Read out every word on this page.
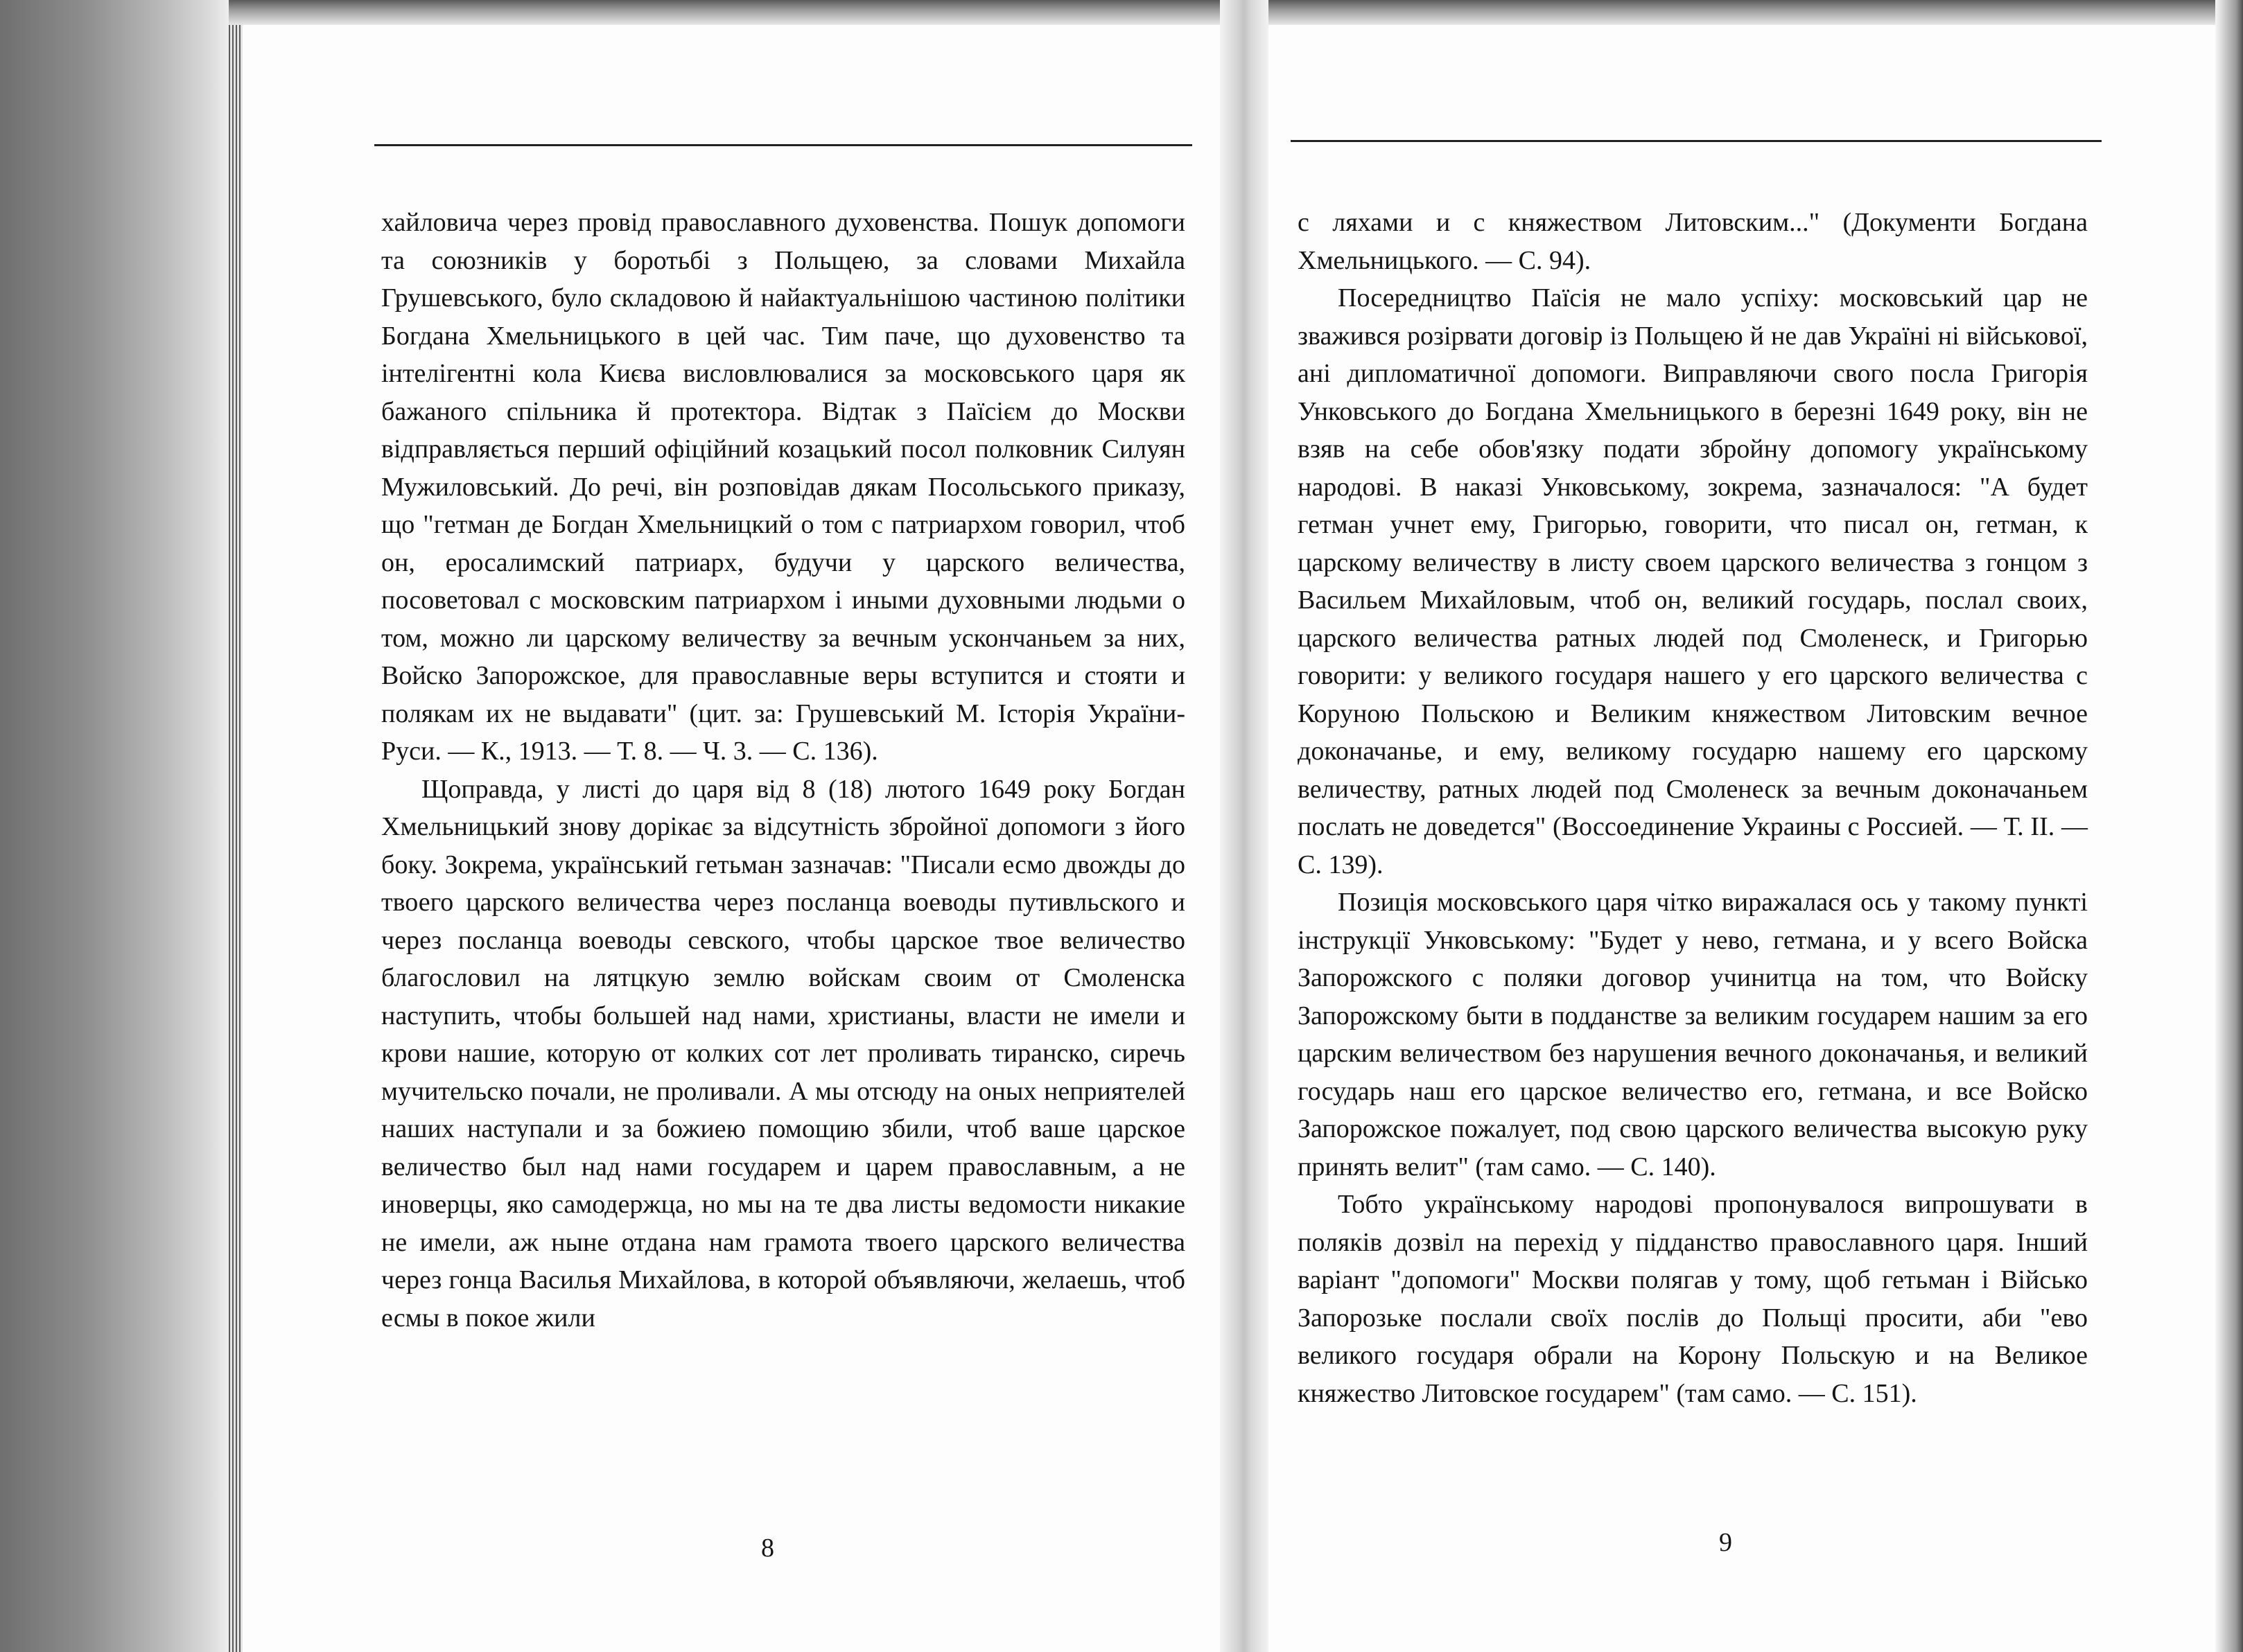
хайловича через провід православного духовенства. Пошук допомоги та союзників у боротьбі з Польщею, за словами Михайла Грушевського, було складовою й найактуальнішою частиною політики Богдана Хмельницького в цей час. Тим паче, що духовенство та інтелігентні кола Києва висловлювалися за московського царя як бажаного спільника й протектора. Відтак з Паїсієм до Москви відправляється перший офіційний козацький посол полковник Силуян Мужиловський. До речі, він розповідав дякам Посольського приказу, що "гетман де Богдан Хмельницкий о том с патриархом говорил, чтоб он, еросалимский патриарх, будучи у царского величества, посоветовал с московским патриархом і иными духовными людьми о том, можно ли царскому величеству за вечным ускончаньем за них, Войско Запорожское, для православные веры вступится и стояти и полякам их не выдавати" (цит. за: Грушевський М. Історія України-Руси. — К., 1913. — Т. 8. — Ч. 3. — С. 136).

Щоправда, у листі до царя від 8 (18) лютого 1649 року Богдан Хмельницький знову дорікає за відсутність збройної допомоги з його боку. Зокрема, український гетьман зазначав: "Писали есмо двожды до твоего царского величества через посланца воеводы путивльского и через посланца воеводы севского, чтобы царское твое величество благословил на лятцкую землю войскам своим от Смоленска наступить, чтобы большей над нами, христианы, власти не имели и крови нашие, которую от колких сот лет проливать тиранско, сиречь мучительско почали, не проливали. А мы отсюду на оных неприятелей наших наступали и за божиею помощию збили, чтоб ваше царское величество был над нами государем и царем православным, а не иноверцы, яко самодержца, но мы на те два листы ведомости никакие не имели, аж ныне отдана нам грамота твоего царского величества через гонца Василья Михайлова, в которой объявляючи, желаешь, чтоб есмы в покое жили

8

с ляхами и с княжеством Литовским..." (Документи Богдана Хмельницького. — С. 94).

Посередництво Паїсія не мало успіху: московський цар не зважився розірвати договір із Польщею й не дав Україні ні військової, ані дипломатичної допомоги. Виправляючи свого посла Григорія Унковського до Богдана Хмельницького в березні 1649 року, він не взяв на себе обов'язку подати збройну допомогу українському народові. В наказі Унковському, зокрема, зазначалося: "А будет гетман учнет ему, Григорью, говорити, что писал он, гетман, к царскому величеству в листу своем царского величества з гонцом з Васильем Михайловым, чтоб он, великий государь, послал своих, царского величества ратных людей под Смоленеск, и Григорью говорити: у великого государя нашего у его царского величества с Коруною Польскою и Великим княжеством Литовским вечное доконачанье, и ему, великому государю нашему его царскому величеству, ратных людей под Смоленеск за вечным доконачаньем послать не доведется" (Воссоединение Украины с Россией. — Т. II. — С. 139).

Позиція московського царя чітко виражалася ось у такому пункті інструкції Унковському: "Будет у нево, гетмана, и у всего Войска Запорожского с поляки договор учинитца на том, что Войску Запорожскому быти в подданстве за великим государем нашим за его царским величеством без нарушения вечного доконачанья, и великий государь наш его царское величество его, гетмана, и все Войско Запорожское пожалует, под свою царского величества высокую руку принять велит" (там само. — С. 140).

Тобто українському народові пропонувалося випрошувати в поляків дозвіл на перехід у підданство православного царя. Інший варіант "допомоги" Москви полягав у тому, щоб гетьман і Військо Запорозьке послали своїх послів до Польщі просити, аби "ево великого государя обрали на Корону Польскую и на Великое княжество Литовское государем" (там само. — С. 151).

9
